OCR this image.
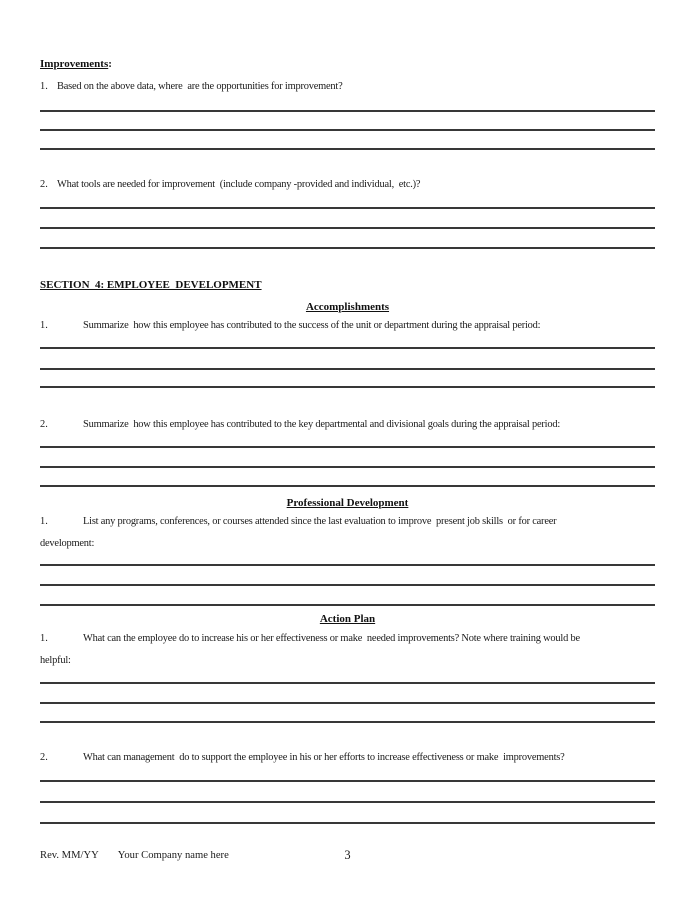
Improvements:
1. Based on the above data, where  are the opportunities for improvement?
2. What tools are needed for improvement  (include company -provided and individual,  etc.)?
SECTION  4: EMPLOYEE  DEVELOPMENT
Accomplishments
1.	Summarize  how this employee has contributed to the success of the unit or department during the appraisal period:
2.	Summarize  how this employee has contributed to the key departmental and divisional goals during the appraisal period:
Professional Development
1.	List any programs, conferences, or courses attended since the last evaluation to improve  present job skills  or for career
development:
Action Plan
1.	What can the employee do to increase his or her effectiveness or make  needed improvements? Note where training would be
helpful:
2.	What can management  do to support the employee in his or her efforts to increase effectiveness or make  improvements?
Rev. MM/YY Your Company name here	3
